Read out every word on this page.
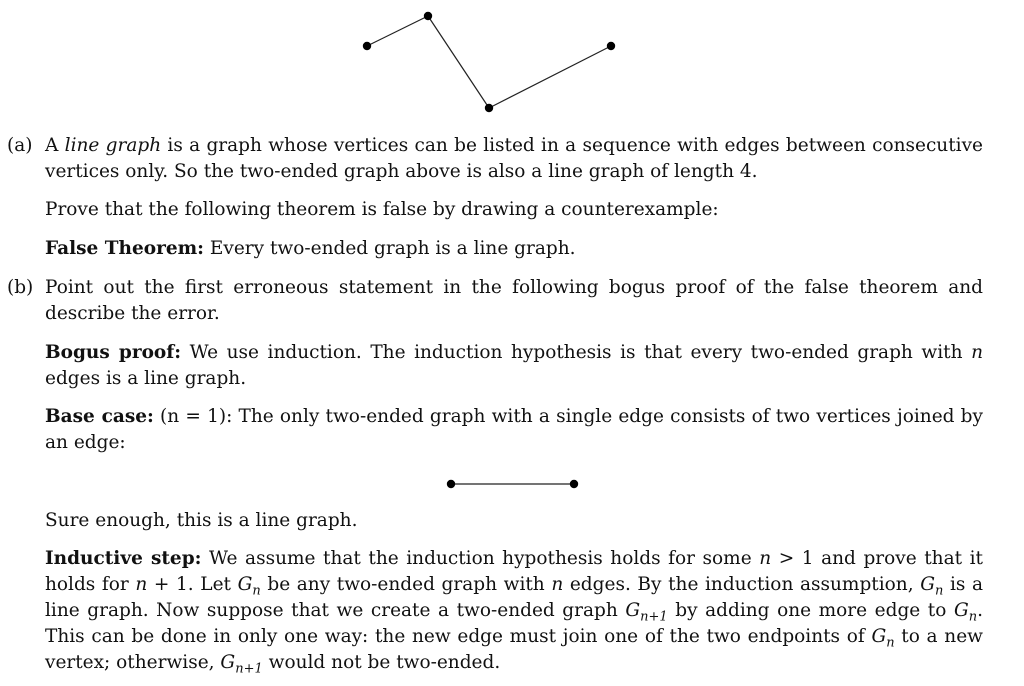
(a) A line graph is a graph whose vertices can be listed in a sequence with edges between consecutive vertices only. So the two-ended graph above is also a line graph of length 4.

Prove that the following theorem is false by drawing a counterexample:

False Theorem: Every two-ended graph is a line graph.

(b) Point out the first erroneous statement in the following bogus proof of the false theorem and describe the error.

Bogus proof: We use induction. The induction hypothesis is that every two-ended graph with n edges is a line graph.

Base case: (n = 1): The only two-ended graph with a single edge consists of two vertices joined by an edge:

Sure enough, this is a line graph.

Inductive step: We assume that the induction hypothesis holds for some n > 1 and prove that it holds for n + 1. Let $G_n$ be any two-ended graph with n edges. By the induction assumption, $G_n$ is a line graph. Now suppose that we create a two-ended graph $G_{n+1}$ by adding one more edge to $G_n$. This can be done in only one way: the new edge must join one of the two endpoints of $G_n$ to a new vertex; otherwise, $G_{n+1}$ would not be two-ended.
